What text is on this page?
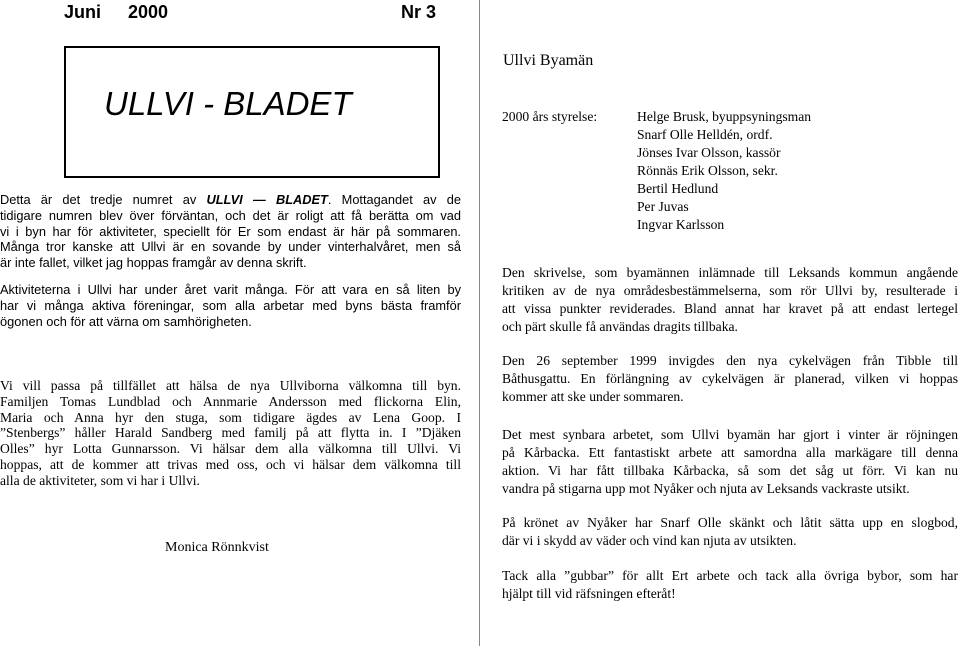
Juni 2000	Nr 3
ULLVI - BLADET
Detta är det tredje numret av ULLVI — BLADET. Mottagandet av de
tidigare numren blev över förväntan, och det är roligt att få berätta om vad
vi i byn har för aktiviteter, speciellt för Er som endast är här på sommaren.
Många tror kanske att Ullvi är en sovande by under vinterhalvåret, men så
är inte fallet, vilket jag hoppas framgår av denna skrift.
Aktiviteterna i Ullvi har under året varit många. För att vara en så liten by
har vi många aktiva föreningar, som alla arbetar med byns bästa framför
ögonen och för att värna om samhörigheten.
Vi vill passa på tillfället att hälsa de nya Ullviborna välkomna till byn.
Familjen Tomas Lundblad och Annmarie Andersson med flickorna Elin,
Maria och Anna hyr den stuga, som tidigare ägdes av Lena Goop. I
”Stenbergs” håller Harald Sandberg med familj på att flytta in. I ”Djäken
Olles” hyr Lotta Gunnarsson. Vi hälsar dem alla välkomna till Ullvi. Vi
hoppas, att de kommer att trivas med oss, och vi hälsar dem välkomna till
alla de aktiviteter, som vi har i Ullvi.
Monica Rönnkvist
Ullvi Byamän
2000 års styrelse:	Helge Brusk, byuppsyningsman
Snarf Olle Helldén, ordf.
Jönses Ivar Olsson, kassör
Rönnäs Erik Olsson, sekr.
Bertil Hedlund
Per Juvas
Ingvar Karlsson
Den skrivelse, som byamännen inlämnade till Leksands kommun angående
kritiken av de nya områdesbestämmelserna, som rör Ullvi by, resulterade i
att vissa punkter reviderades. Bland annat har kravet på att endast lertegel
och pärt skulle få användas dragits tillbaka.
Den 26 september 1999 invigdes den nya cykelvägen från Tibble till
Båthusgattu. En förlängning av cykelvägen är planerad, vilken vi hoppas
kommer att ske under sommaren.
Det mest synbara arbetet, som Ullvi byamän har gjort i vinter är röjningen
på Kårbacka. Ett fantastiskt arbete att samordna alla markägare till denna
aktion. Vi har fått tillbaka Kårbacka, så som det såg ut förr. Vi kan nu
vandra på stigarna upp mot Nyåker och njuta av Leksands vackraste utsikt.
På krönet av Nyåker har Snarf Olle skänkt och låtit sätta upp en slogbod,
där vi i skydd av väder och vind kan njuta av utsikten.
Tack alla ”gubbar” för allt Ert arbete och tack alla övriga bybor, som har
hjälpt till vid räfsningen efteråt!
